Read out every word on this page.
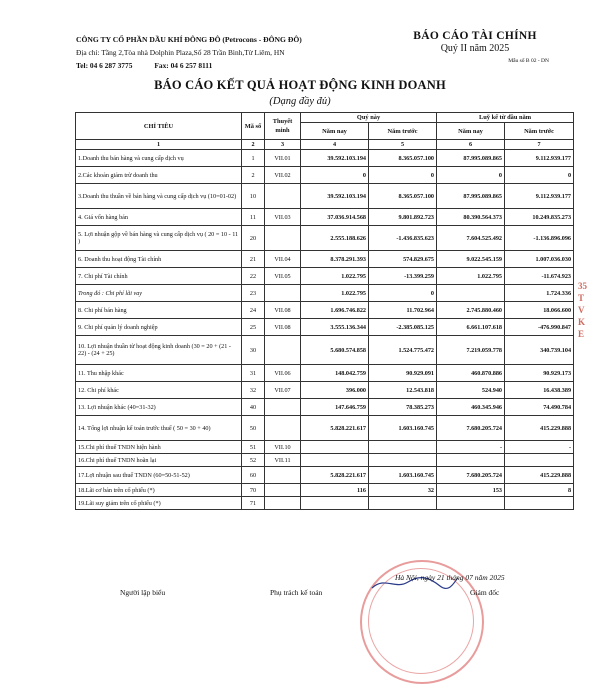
CÔNG TY CỔ PHẦN DẦU KHÍ ĐÔNG ĐÔ (Petrocons - ĐÔNG ĐÔ)
Địa chỉ: Tầng 2,Tòa nhà Dolphin Plaza,Số 28 Trần Bình,Từ Liêm, HN
Tel: 04 6 287 3775	Fax: 04 6 257 8111
BÁO CÁO TÀI CHÍNH
Quý II năm 2025
Mẫu số B 02 - DN
BÁO CÁO KẾT QUẢ HOẠT ĐỘNG KINH DOANH
(Dạng đầy đủ)
CHỈ TIÊU	Mã số	Thuyết minh	Quý này		Luỹ kế từ đầu năm	
			Năm nay	Năm trước	Năm nay	Năm trước
1	2	3	4	5	6	7
1.Doanh thu bán hàng và cung cấp dịch vụ	1	VII.01	39.592.103.194	8.365.057.100	87.995.089.865	9.112.939.177
2.Các khoản giảm trừ doanh thu	2	VII.02	0	0	0	0
3.Doanh thu thuần về bán hàng và cung cấp dịch vụ (10=01-02)	10		39.592.103.194	8.365.057.100	87.995.089.865	9.112.939.177
4. Giá vốn hàng bán	11	VII.03	37.036.914.568	9.801.892.723	80.390.564.373	10.249.835.273
5. Lợi nhuận gộp về bán hàng và cung cấp dịch vụ ( 20 = 10 - 11 )	20		2.555.188.626	-1.436.835.623	7.604.525.492	-1.136.896.096
6. Doanh thu hoạt động Tài chính	21	VII.04	8.378.291.393	574.829.675	9.022.545.159	1.007.036.030
7. Chi phí Tài chính	22	VII.05	1.022.795	-13.399.259	1.022.795	-11.674.923
Trong đó : Chi phí lãi vay	23		1.022.795	0		1.724.336
8. Chi phí bán hàng	24	VII.08	1.696.746.822	11.702.964	2.745.880.460	18.066.600
9. Chi phí quản lý doanh nghiệp	25	VII.08	3.555.136.344	-2.385.085.125	6.661.107.618	-476.990.847
10. Lợi nhuận thuần từ hoạt động kinh doanh (30 = 20 + (21 - 22) - (24 + 25)	30		5.680.574.858	1.524.775.472	7.219.059.778	340.739.104
11. Thu nhập khác	31	VII.06	148.042.759	90.929.091	460.870.886	90.929.173
12. Chi phí khác	32	VII.07	396.000	12.543.818	524.940	16.438.389
13. Lợi nhuận khác (40=31-32)	40		147.646.759	78.385.273	460.345.946	74.490.784
14. Tổng lợi nhuận kế toán trước thuế ( 50 = 30 + 40)	50		5.828.221.617	1.603.160.745	7.680.205.724	415.229.888
15.Chi phí thuế TNDN hiện hành	51	VII.10			-	-
16.Chi phí thuế TNDN hoãn lại	52	VII.11				
17.Lợi nhuận sau thuế TNDN (60=50-51-52)	60		5.828.221.617	1.603.160.745	7.680.205.724	415.229.888
18.Lãi cơ bản trên cổ phiếu (*)	70		116	32	153	8
19.Lãi suy giảm trên cổ phiếu (*)	71					
35
T
V
K
E
Hà Nội, ngày 21 tháng 07 năm 2025
Người lập biểu	Phụ trách kế toán	Giám đốc
